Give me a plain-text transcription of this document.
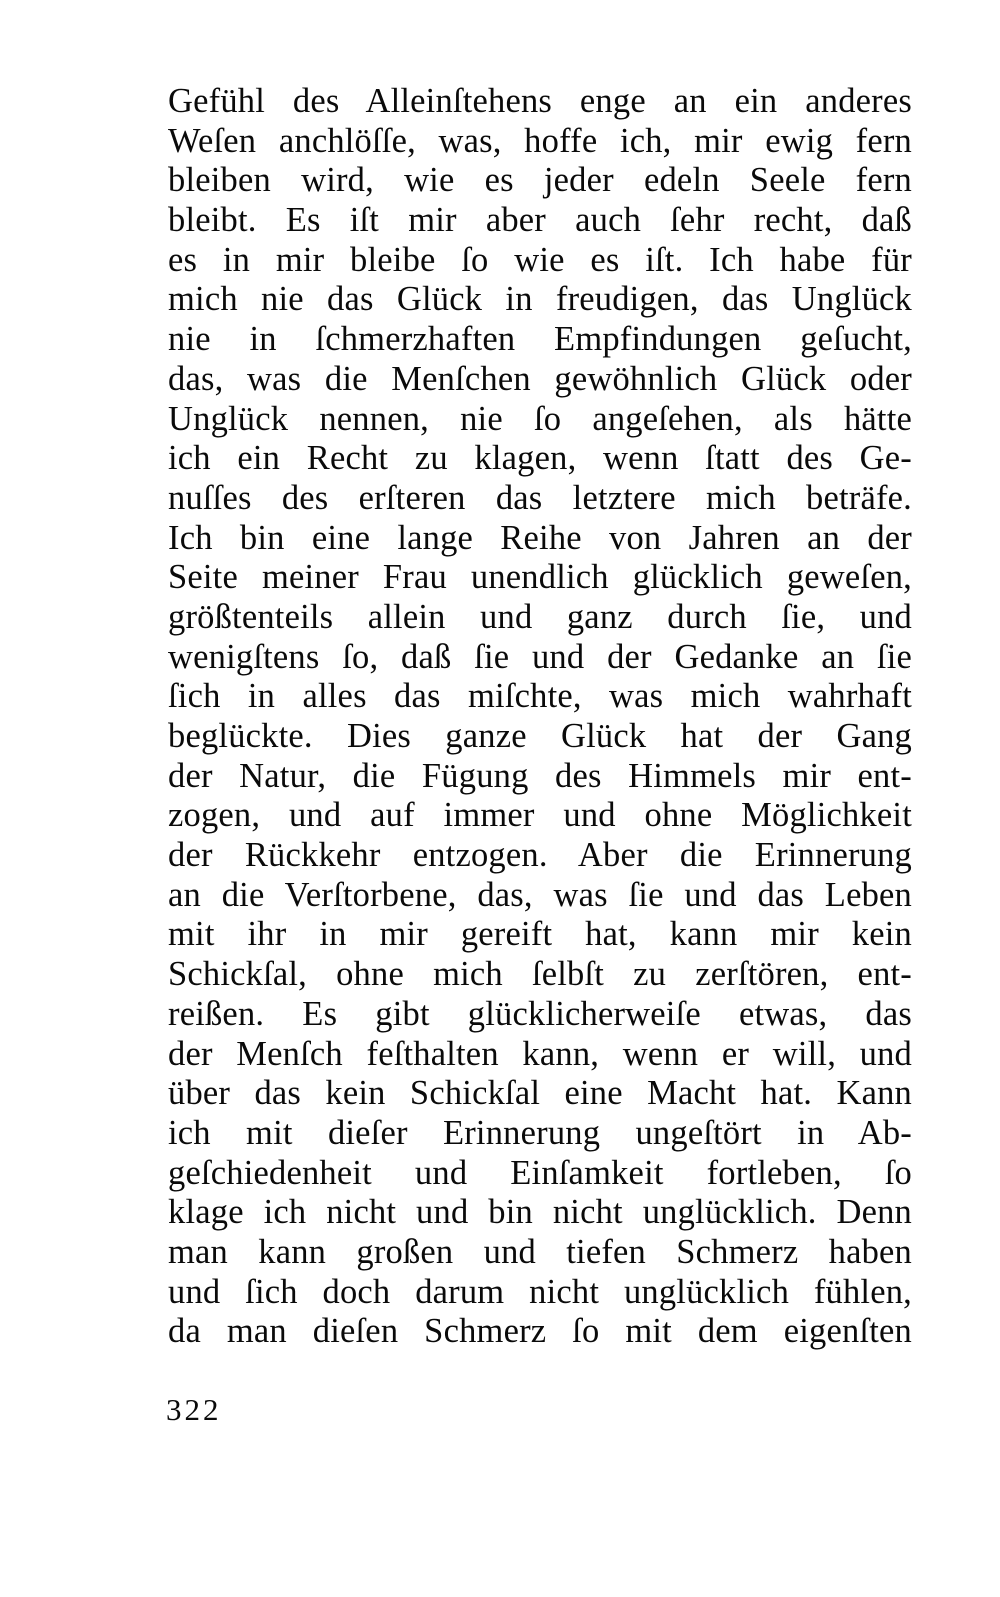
Gefühl des Alleinſtehens enge an ein anderes
Weſen anchlöſſe, was, hoffe ich, mir ewig fern
bleiben wird, wie es jeder edeln Seele fern
bleibt. Es iſt mir aber auch ſehr recht, daß
es in mir bleibe ſo wie es iſt. Ich habe für
mich nie das Glück in freudigen, das Unglück
nie in ſchmerzhaften Empfindungen geſucht,
das, was die Menſchen gewöhnlich Glück oder
Unglück nennen, nie ſo angeſehen, als hätte
ich ein Recht zu klagen, wenn ſtatt des Ge-
nuſſes des erſteren das letztere mich beträfe.
Ich bin eine lange Reihe von Jahren an der
Seite meiner Frau unendlich glücklich geweſen,
größtenteils allein und ganz durch ſie, und
wenigſtens ſo, daß ſie und der Gedanke an ſie
ſich in alles das miſchte, was mich wahrhaft
beglückte. Dies ganze Glück hat der Gang
der Natur, die Fügung des Himmels mir ent-
zogen, und auf immer und ohne Möglichkeit
der Rückkehr entzogen. Aber die Erinnerung
an die Verſtorbene, das, was ſie und das Leben
mit ihr in mir gereift hat, kann mir kein
Schickſal, ohne mich ſelbſt zu zerſtören, ent-
reißen. Es gibt glücklicherweiſe etwas, das
der Menſch feſthalten kann, wenn er will, und
über das kein Schickſal eine Macht hat. Kann
ich mit dieſer Erinnerung ungeſtört in Ab-
geſchiedenheit und Einſamkeit fortleben, ſo
klage ich nicht und bin nicht unglücklich. Denn
man kann großen und tiefen Schmerz haben
und ſich doch darum nicht unglücklich fühlen,
da man dieſen Schmerz ſo mit dem eigenſten
322
